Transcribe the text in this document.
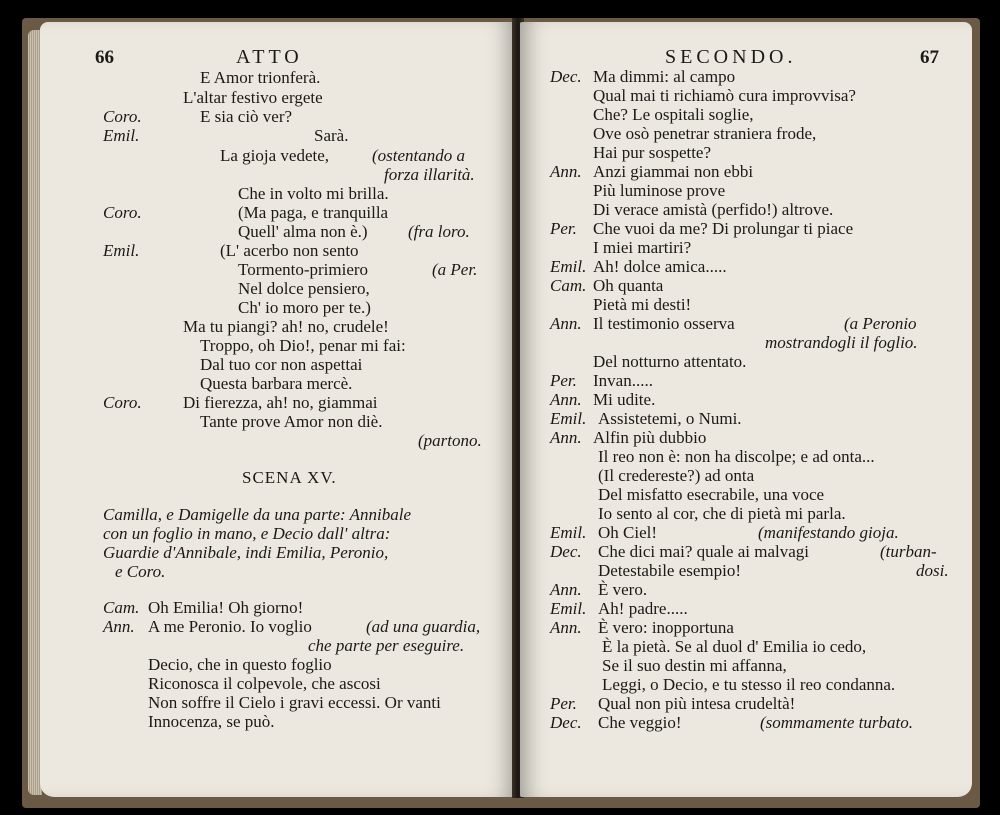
66	ATTO
E Amor trionferà.
L'altar festivo ergete
Coro.	E sia ciò ver?
Emil.	Sarà.
La gioja vedete,	(ostentando a
forza illarità.
Che in volto mi brilla.
Coro.	(Ma paga, e tranquilla
Quell' alma non è.) (fra loro.
Emil.	(L' acerbo non sento
Tormento-primiero	(a Per.
Nel dolce pensiero,
Ch' io moro per te.)
Ma tu piangi? ah! no, crudele!
Troppo, oh Dio!, penar mi fai:
Dal tuo cor non aspettai
Questa barbara mercè.
Coro. Di fierezza, ah! no, giammai
Tante prove Amor non diè.
(partono.
SCENA XV.
Camilla, e Damigelle da una parte: Annibale
con un foglio in mano, e Decio dall' altra:
Guardie d'Annibale, indi Emilia, Peronio,
e Coro.
Cam. Oh Emilia! Oh giorno!
Ann. A me Peronio. Io voglio	(ad una guardia,
che parte per eseguire.
Decio, che in questo foglio
Riconosca il colpevole, che ascosi
Non soffre il Cielo i gravi eccessi. Or vanti
Innocenza, se può.
SECONDO.	67
Dec. Ma dimmi: al campo
Qual mai ti richiamò cura improvvisa?
Che? Le ospitali soglie,
Ove osò penetrar straniera frode,
Hai pur sospette?
Ann. Anzi giammai non ebbi
Più luminose prove
Di verace amistà (perfido!) altrove.
Per. Che vuoi da me? Di prolungar ti piace
I miei martiri?
Emil. Ah! dolce amica.....
Cam. Oh quanta
Pietà mi desti!
Ann. Il testimonio osserva	(a Peronio
mostrandogli il foglio.
Del notturno attentato.
Per. Invan.....
Ann. Mi udite.
Emil. Assistetemi, o Numi.
Ann. Alfin più dubbio
Il reo non è: non ha discolpe; e ad onta...
(Il credereste?) ad onta
Del misfatto esecrabile, una voce
Io sento al cor, che di pietà mi parla.
Emil. Oh Ciel!	(manifestando gioja.
Dec. Che dici mai? quale ai malvagi	(turban-
Detestabile esempio!	dosi.
Ann. È vero.
Emil. Ah! padre.....
Ann. È vero: inopportuna
È la pietà. Se al duol d' Emilia io cedo,
Se il suo destin mi affanna,
Leggi, o Decio, e tu stesso il reo condanna.
Per. Qual non più intesa crudeltà!
Dec. Che veggio!	(sommamente turbato.
